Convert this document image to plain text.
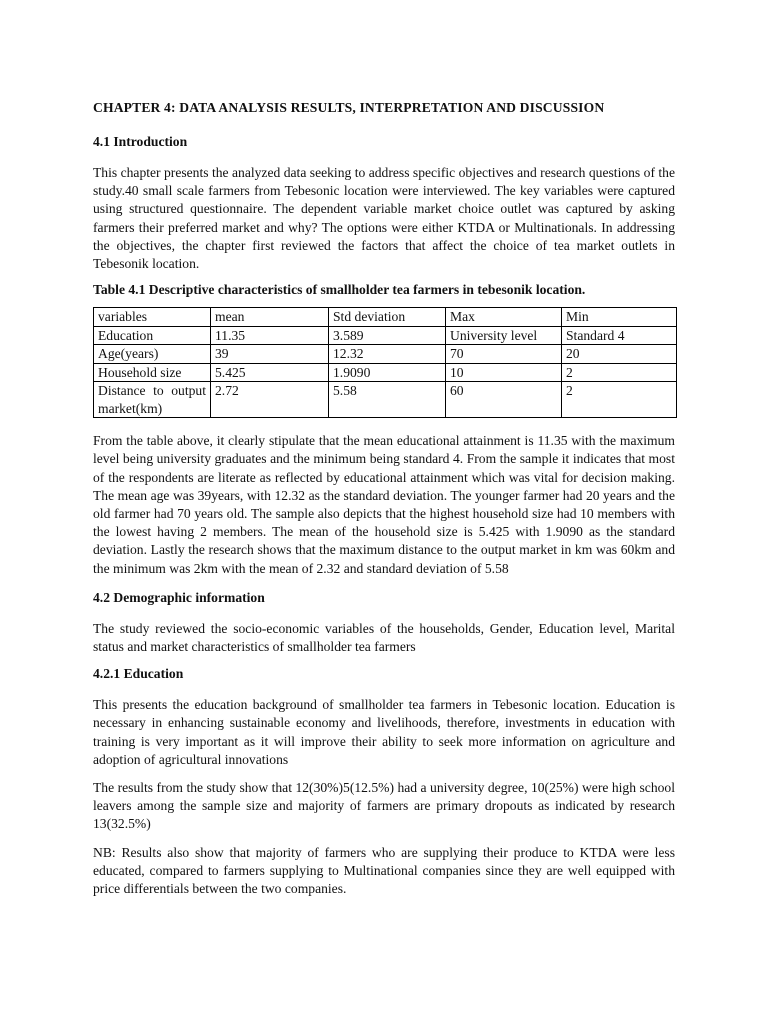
CHAPTER 4: DATA ANALYSIS RESULTS, INTERPRETATION AND DISCUSSION
4.1 Introduction

This chapter presents the analyzed data seeking to address specific objectives and research questions of the study.40 small scale farmers from Tebesonic location were interviewed. The key variables were captured using structured questionnaire. The dependent variable market choice outlet was captured by asking farmers their preferred market and why? The options were either KTDA or Multinationals. In addressing the objectives, the chapter first reviewed the factors that affect the choice of tea market outlets in Tebesonik location.

Table 4.1 Descriptive characteristics of smallholder tea farmers in tebesonik location.

variables	mean	Std deviation	Max	Min
Education	11.35	3.589	University level	Standard 4
Age(years)	39	12.32	70	20
Household size	5.425	1.9090	10	2
Distance to output market(km)	2.72	5.58	60	2

From the table above, it clearly stipulate that the mean educational attainment is 11.35 with the maximum level being university graduates and the minimum being standard 4. From the sample it indicates that most of the respondents are literate as reflected by educational attainment which was vital for decision making. The mean age was 39years, with 12.32 as the standard deviation. The younger farmer had 20 years and the old farmer had 70 years old. The sample also depicts that the highest household size had 10 members with the lowest having 2 members. The mean of the household size is 5.425 with 1.9090 as the standard deviation. Lastly the research shows that the maximum distance to the output market in km was 60km and the minimum was 2km with the mean of 2.32 and standard deviation of 5.58

4.2 Demographic information

The study reviewed the socio-economic variables of the households, Gender, Education level, Marital status and market characteristics of smallholder tea farmers

4.2.1 Education

This presents the education background of smallholder tea farmers in Tebesonic location. Education is necessary in enhancing sustainable economy and livelihoods, therefore, investments in education with training is very important as it will improve their ability to seek more information on agriculture and adoption of agricultural innovations

The results from the study show that 12(30%)5(12.5%) had a university degree, 10(25%) were high school leavers among the sample size and majority of farmers are primary dropouts as indicated by research 13(32.5%)

NB: Results also show that majority of farmers who are supplying their produce to KTDA were less educated, compared to farmers supplying to Multinational companies since they are well equipped with price differentials between the two companies.
